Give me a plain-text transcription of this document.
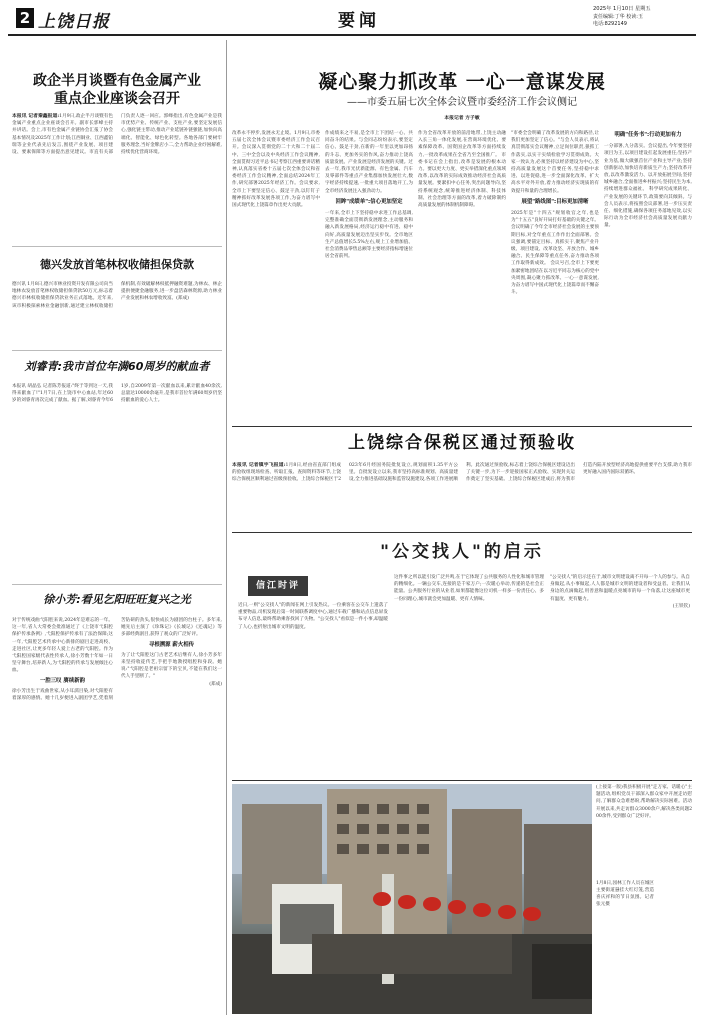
2 上饶日报	要闻
2025年 1月10日 星期五
责任编辑:丁华 校读:玉
电话:8292149
政企半月谈暨有色金属产业
重点企业座谈会召开
本报讯 记者秦鑫报道:1月9日,政企半月谈暨有色金属产业重点企业座谈会召开。副市长郭峰主持并讲话。会上,市有色金属产业链协会汇报了协会基本情况及2025年工作计划;江西铜业、江西鑫铂瑞等企业代表先后发言,围绕产业发展、项目建设、要素保障等方面提出意见建议。市直有关部门负责人逐一回应。郭峰指出,有色金属产业是我市优势产业、传统产业、支柱产业,要坚定发展信心,强化链主带动,推动产业延链补链强链,加快向高端化、智能化、绿色化转型。各地各部门要树牢服务理念,当好金牌店小二,全力帮助企业纾困解难,持续优化营商环境。
德兴发放首笔林权收储担保贷款
德兴讯 1月8日,德兴市林业投资开发有限公司向当地林农发放首笔林权收储担保贷款50万元,标志着德兴市林权收储担保贷款业务正式落地。近年来,该市积极探索林业金融创新,通过建立林权收储担保机制,有效破解林权抵押融资难题,为林农、林企提供便捷金融服务,进一步盘活森林资源,助力林业产业发展和林农增收致富。(郑成)
刘睿青:我市首位年满60周岁的献血者
本报讯 胡晶弘 记者陈芳报道:"终于等到这一天,我得来献血了!"1月7日,在上饶市中心血站,年过60岁的刘睿青再次完成了献血。据了解,刘睿青今年61岁,自2009年第一次献血以来,累计献血40余次,总量达10000余毫升,是我市首位年满60周岁仍坚持献血的爱心人士。
徐小芳:看见乞阳旺旺复兴之光
对于传统戏曲弋阳腔来说,2024年是难忘的一年。这一年,省人大常委会批准通过了《上饶市弋阳腔保护传承条例》,弋阳腔保护传承有了法治保障;这一年,弋阳腔艺术传承中心新排的剧目走进高校、走进社区,让更多年轻人爱上古老的弋阳腔。作为弋阳腔国家级代表性传承人,徐小芳数十年如一日坚守舞台,培养新人,为弋阳腔的传承与发展倾注心血。
一腔三叹 赓续新韵
徐小芳出生于戏曲世家,从小耳濡目染,对弋阳腔有着深厚的感情。她十几岁便进入剧团学艺,凭着刻苦钻研的劲头,很快成长为剧团的台柱子。多年来,她先后主演了《珍珠记》《长城记》《还魂记》等多部经典剧目,获得了观众的广泛好评。
寻根溯源 薪火相传
为了让弋阳腔这门古老艺术后继有人,徐小芳多年来坚持收徒传艺,手把手地教授唱腔和身段。她说:"弋阳腔是老祖宗留下的宝贝,不能在我们这一代人手里断了。"
(郑成)
凝心聚力抓改革 一心一意谋发展
——市委五届七次全体会议暨市委经济工作会议侧记
本报记者 方子敏
改革永不停步,发展永无止境。1月9日,市委五届七次全体会议暨市委经济工作会议召开。会议深入贯彻党的二十大和二十届二中、三中全会以及中央经济工作会议精神,全面贯彻习近平总书记考察江西重要讲话精神,认真落实省委十五届七次全体会议和省委经济工作会议精神,全面总结2024年工作,研究部署2025年经济工作。会议要求,全市上下要坚定信心、鼓足干劲,以钉钉子精神抓好改革发展各项工作,为奋力谱写中国式现代化上饶篇章作出更大贡献。
作成绩来之不易,是全市上下团结一心、共同奋斗的结果。与会同志纷纷表示,要坚定信心、鼓足干劲,在新的一年里以更加昂扬的斗志、更加务实的作风,奋力推动上饶高质量发展。产业发展是经济发展的关键。过去一年,我市光伏新能源、有色金属、汽车及零部件等重点产业集群加快发展壮大,数字经济持续提速,一批重大项目落地开工,为全市经济发展注入强劲动力。
回眸"成绩单":信心更加坚定
一年来,全市上下坚持稳中求进工作总基调,完整准确全面贯彻新发展理念,主动服务和融入新发展格局,经济运行稳中有进、稳中向好,高质量发展迈出坚实步伐。全市地区生产总值增长5.5%左右,规上工业增加值、社会消费品零售总额等主要经济指标增速位居全省前列。
作为全省改革开放的前沿地带,上饶主动融入长三角一体化发展,在营商环境优化、要素保障改革、国资国企改革等方面持续发力,一批改革成果在全省乃至全国推广。 市委书记在会上指出,改革是发展的根本动力。要以更大力度、更实举措深化重点领域改革,以改革的实际成效推动经济社会高质量发展。要紧扣中心任务,突出问题导向,坚持系统观念,统筹推进经济体制、科技体制、社会治理等方面的改革,着力破除制约高质量发展的体制机制障碍。
"市委全会明确了改革发展的方向和路径,让我们更加坚定了信心。"与会人员表示,将认真贯彻落实会议精神,立足岗位职责,狠抓工作落实,以实干实绩检验学习贯彻成效。大家一致认为,必须坚持以经济建设为中心,坚持高质量发展这个首要任务,坚持稳中求进、以进促稳,进一步全面深化改革、扩大高水平对外开放,着力推动经济实现质的有效提升和量的合理增长。
展望"路线图":目标更加清晰
2025年是"十四五"规划收官之年,也是为"十五五"良好开局打好基础的关键之年。会议明确了今年全市经济社会发展的主要预期目标,对全年重点工作作出全面部署。会议强调,要锚定目标、真抓实干,聚焦产业升级、项目建设、改革攻坚、开放合作、城乡融合、民生保障等重点任务,奋力推动各项工作取得新成效。 会议号召,全市上下要更加紧密地团结在以习近平同志为核心的党中央周围,凝心聚力抓改革、一心一意谋发展,为奋力谱写中国式现代化上饶篇章而不懈奋斗。
明确"任务书":行动更加有力
一分部署,九分落实。会议提出,今年要坚持项目为王,以项目建设扛起发展重任;坚持产业为基,做大做强首位产业和主导产业;坚持创新驱动,加快培育新质生产力;坚持改革开放,以改革激发活力、以开放拓展空间;坚持城乡融合,全面推进乡村振兴;坚持民生为本,持续增进群众福祉。 科学研究成果转化、产业发展的关键环节,政策要向其倾斜。与会人员表示,将按照会议部署,进一步压实责任、细化措施,确保各项任务落地见效,以实际行动为全市经济社会高质量发展贡献力量。
上饶综合保税区通过预验收
本报讯 记者镇宇飞报道:1月8日,经由省直部门组成的验收组现场检查、听取汇报、查阅资料等环节,上饶综合保税区顺利通过省级预验收。上饶综合保税区于2023年6月经国务院批复设立,规划面积1.35平方公里。自批复设立以来,我市坚持高标准规划、高质量建设,全力推进基础设施和监管设施建设,各项工作进展顺利。此次通过预验收,标志着上饶综合保税区建设迈出了关键一步,为下一步迎接国家正式验收、实现封关运作奠定了坚实基础。上饶综合保税区建成后,将为我市打造内陆开放型经济高地提供重要平台支撑,助力我市更好融入国内国际双循环。
"公交找人"的启示
信江时评
近日,一则"公交找人"的新闻在网上引发热议。一位乘客在公交车上遗落了重要物品,司机发现后第一时间联系调度中心,通过车载广播和站点信息屏发布寻人信息,最终帮助乘客找回了失物。"公交找人"看似是一件小事,却温暖了人心,也折射出城市文明的温度。
这件事之所以能引发广泛共鸣,在于它体现了公共服务的人性化和城市管理的精细化。一辆公交车,连接的是千家万户;一次暖心举动,传递的是社会正能量。公共服务行业的从业者,如果都能像这位司机一样多一份责任心、多一份同理心,城市就会更加温暖、更有人情味。
"公交找人"的启示还在于,城市文明建设离不开每一个人的参与。从自身做起,从小事做起,人人都是城市文明的建设者和受益者。让我们从身边的点滴做起,用善意和温暖点亮城市的每一个角落,让这座城市更有温度、更有魅力。
(王铁钦)
1月8日,园林工作人员在城区主要街道悬挂大红灯笼,营造喜庆祥和的节日氛围。记者 张元摄
(上接第一版)我县积极开展"走万家、话暖心"主题活动,组织党员干部深入群众家中开展走访慰问,了解群众急难愁盼,帮助解决实际困难。活动开展以来,共走访群众3000余户,解决各类问题200余件,受到群众广泛好评。
